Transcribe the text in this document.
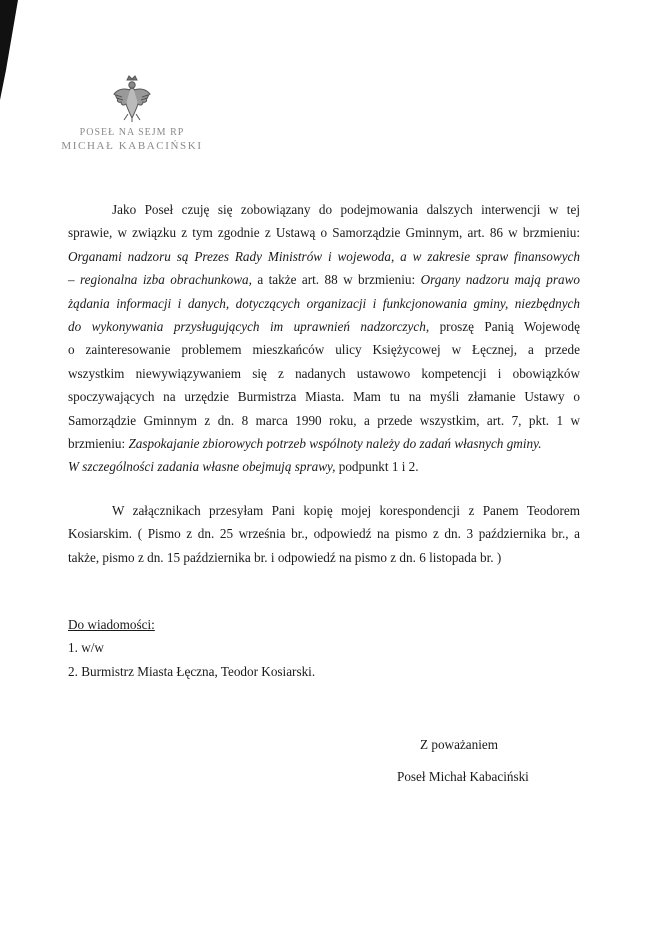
POSEŁ NA SEJM RP
MICHAŁ KABACIŃSKI
Jako Poseł czuję się zobowiązany do podejmowania dalszych interwencji w tej
sprawie, w związku z tym zgodnie z Ustawą o Samorządzie Gminnym, art. 86 w brzmieniu:
Organami nadzoru są Prezes Rady Ministrów i wojewoda, a w zakresie spraw finansowych
– regionalna izba obrachunkowa, a także art. 88 w brzmieniu: Organy nadzoru mają prawo
żądania informacji i danych, dotyczących organizacji i funkcjonowania gminy, niezbędnych
do wykonywania przysługujących im uprawnień nadzorczych, proszę Panią Wojewodę
o zainteresowanie problemem mieszkańców ulicy Księżycowej w Łęcznej, a przede
wszystkim niewywiązywaniem się z nadanych ustawowo kompetencji i obowiązków
spoczywających na urzędzie Burmistrza Miasta. Mam tu na myśli złamanie Ustawy o
Samorządzie Gminnym z dn. 8 marca 1990 roku, a przede wszystkim, art. 7, pkt. 1 w
brzmieniu: Zaspokajanie zbiorowych potrzeb wspólnoty należy do zadań własnych gminy.
W szczególności zadania własne obejmują sprawy, podpunkt 1 i 2.
W załącznikach przesyłam Pani kopię mojej korespondencji z Panem Teodorem
Kosiarskim. ( Pismo z dn. 25 września br., odpowiedź na pismo z dn. 3 października br., a
także, pismo z dn. 15 października br. i odpowiedź na pismo z dn. 6 listopada br. )
Do wiadomości:
1. w/w
2. Burmistrz Miasta Łęczna, Teodor Kosiarski.
Z poważaniem
Poseł Michał Kabaciński
